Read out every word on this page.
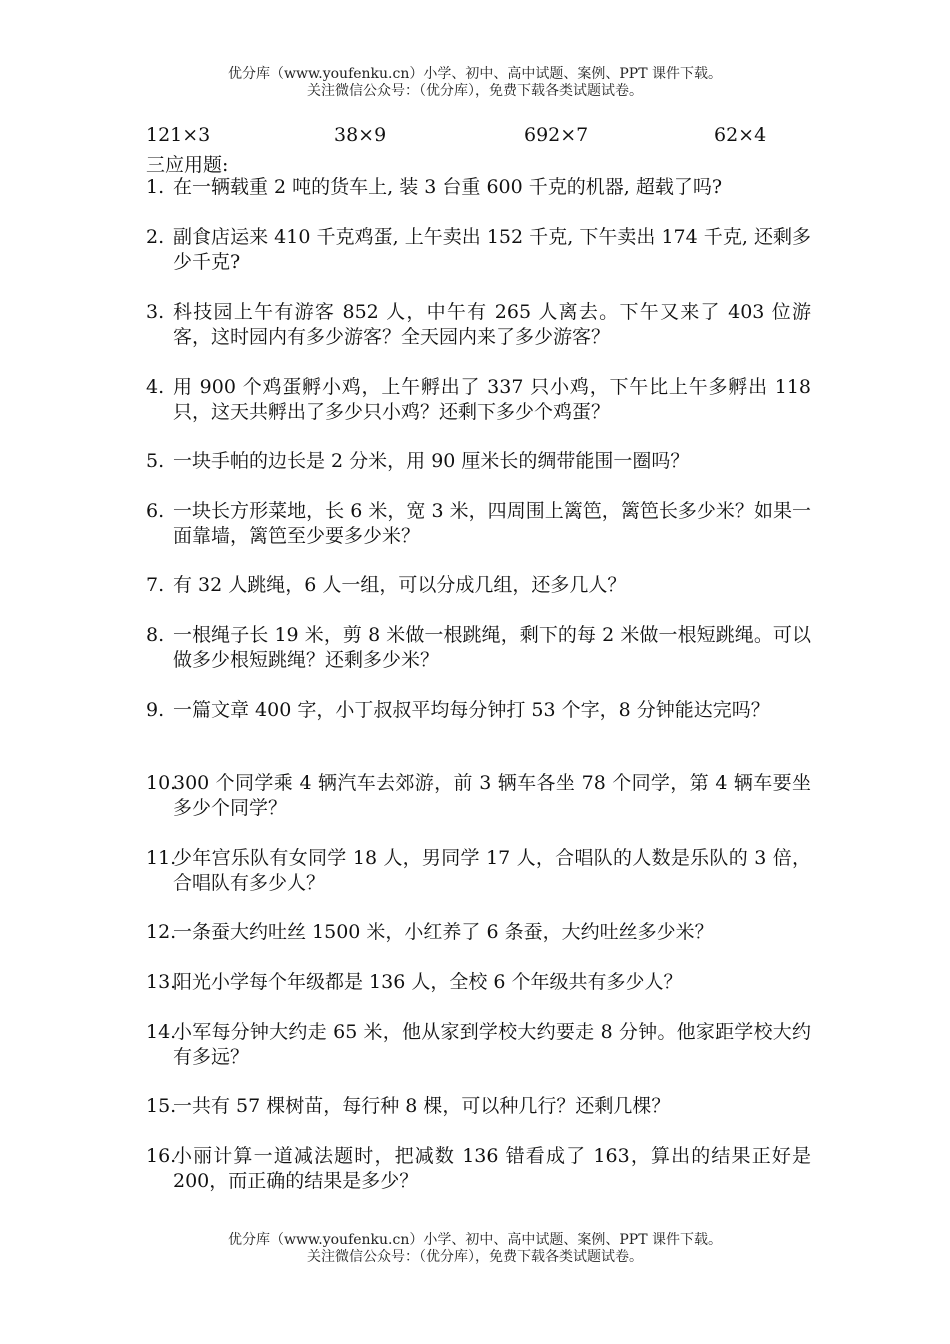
优分库（www.youfenku.cn）小学、初中、高中试题、案例、PPT 课件下载。
关注微信公众号：（优分库），免费下载各类试题试卷。
121×3	38×9	692×7	62×4
三应用题:
1. 在一辆载重 2 吨的货车上, 装 3 台重 600 千克的机器, 超载了吗?
2. 副食店运来 410 千克鸡蛋, 上午卖出 152 千克, 下午卖出 174 千克, 还剩多少千克?
3. 科技园上午有游客 852 人，中午有 265 人离去。下午又来了 403 位游客，这时园内有多少游客？全天园内来了多少游客？
4. 用 900 个鸡蛋孵小鸡，上午孵出了 337 只小鸡，下午比上午多孵出 118 只，这天共孵出了多少只小鸡？还剩下多少个鸡蛋？
5. 一块手帕的边长是 2 分米，用 90 厘米长的绸带能围一圈吗？
6. 一块长方形菜地，长 6 米，宽 3 米，四周围上篱笆，篱笆长多少米？如果一面靠墙，篱笆至少要多少米？
7. 有 32 人跳绳，6 人一组，可以分成几组，还多几人？
8. 一根绳子长 19 米，剪 8 米做一根跳绳，剩下的每 2 米做一根短跳绳。可以做多少根短跳绳？还剩多少米？
9. 一篇文章 400 字，小丁叔叔平均每分钟打 53 个字，8 分钟能达完吗？
10.
300 个同学乘 4 辆汽车去郊游，前 3 辆车各坐 78 个同学，第 4 辆车要坐多少个同学？
11.
少年宫乐队有女同学 18 人，男同学 17 人，合唱队的人数是乐队的 3 倍，合唱队有多少人？
12.
一条蚕大约吐丝 1500 米，小红养了 6 条蚕，大约吐丝多少米？
13.
阳光小学每个年级都是 136 人，全校 6 个年级共有多少人？
14.
小军每分钟大约走 65 米，他从家到学校大约要走 8 分钟。他家距学校大约有多远？
15.
一共有 57 棵树苗，每行种 8 棵，可以种几行？还剩几棵？
16.
小丽计算一道减法题时，把减数 136 错看成了 163，算出的结果正好是 200，而正确的结果是多少？
优分库（www.youfenku.cn）小学、初中、高中试题、案例、PPT 课件下载。
关注微信公众号：（优分库），免费下载各类试题试卷。
